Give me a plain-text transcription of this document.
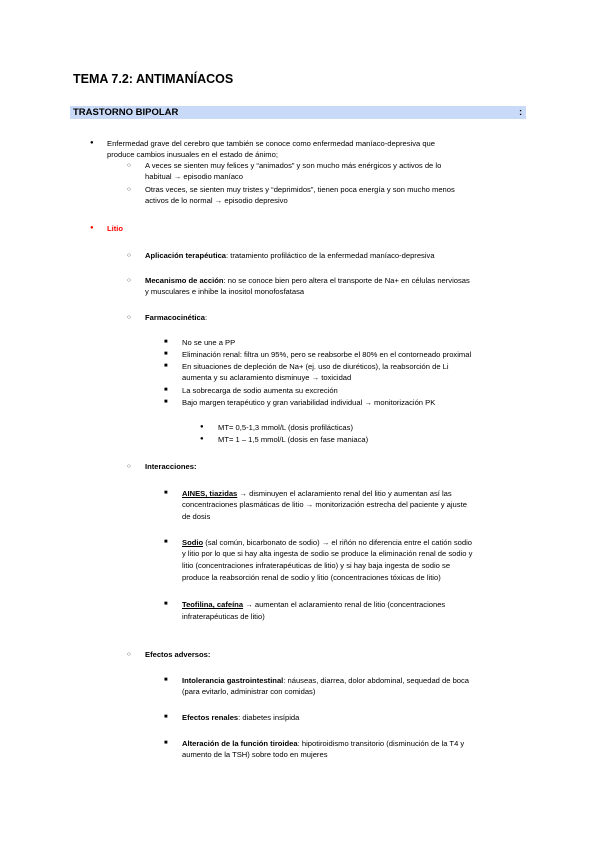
TEMA 7.2: ANTIMANÍACOS
TRASTORNO BIPOLAR	:
● Enfermedad grave del cerebro que también se conoce como enfermedad maníaco-depresiva que
produce cambios inusuales en el estado de ánimo;
○ A veces se sienten muy felices y “animados” y son mucho más enérgicos y activos de lo
habitual → episodio maníaco
○ Otras veces, se sienten muy tristes y “deprimidos”, tienen poca energía y son mucho menos
activos de lo normal → episodio depresivo
● Litio
○ Aplicación terapéutica: tratamiento profiláctico de la enfermedad maníaco-depresiva
○ Mecanismo de acción: no se conoce bien pero altera el transporte de Na+ en células nerviosas
y musculares e inhibe la inositol monofosfatasa
○ Farmacocinética:
■ No se une a PP
■ Eliminación renal: filtra un 95%, pero se reabsorbe el 80% en el contorneado proximal
■ En situaciones de depleción de Na+ (ej. uso de diuréticos), la reabsorción de Li
aumenta y su aclaramiento disminuye → toxicidad
■ La sobrecarga de sodio aumenta su excreción
■ Bajo margen terapéutico y gran variabilidad individual → monitorización PK
● MT= 0,5-1,3 mmol/L (dosis profilácticas)
● MT= 1 – 1,5 mmol/L (dosis en fase maniaca)
○ Interacciones:
■ AINES, tiazidas → disminuyen el aclaramiento renal del litio y aumentan así las
concentraciones plasmáticas de litio → monitorización estrecha del paciente y ajuste
de dosis
■ Sodio (sal común, bicarbonato de sodio) → el riñón no diferencia entre el catión sodio
y litio por lo que si hay alta ingesta de sodio se produce la eliminación renal de sodio y
litio (concentraciones infraterapéuticas de litio) y si hay baja ingesta de sodio se
produce la reabsorción renal de sodio y litio (concentraciones tóxicas de litio)
■ Teofilina, cafeína → aumentan el aclaramiento renal de litio (concentraciones
infraterapéuticas de litio)
○ Efectos adversos:
■ Intolerancia gastrointestinal: náuseas, diarrea, dolor abdominal, sequedad de boca
(para evitarlo, administrar con comidas)
■ Efectos renales: diabetes insípida
■ Alteración de la función tiroidea: hipotiroidismo transitorio (disminución de la T4 y
aumento de la TSH) sobre todo en mujeres
